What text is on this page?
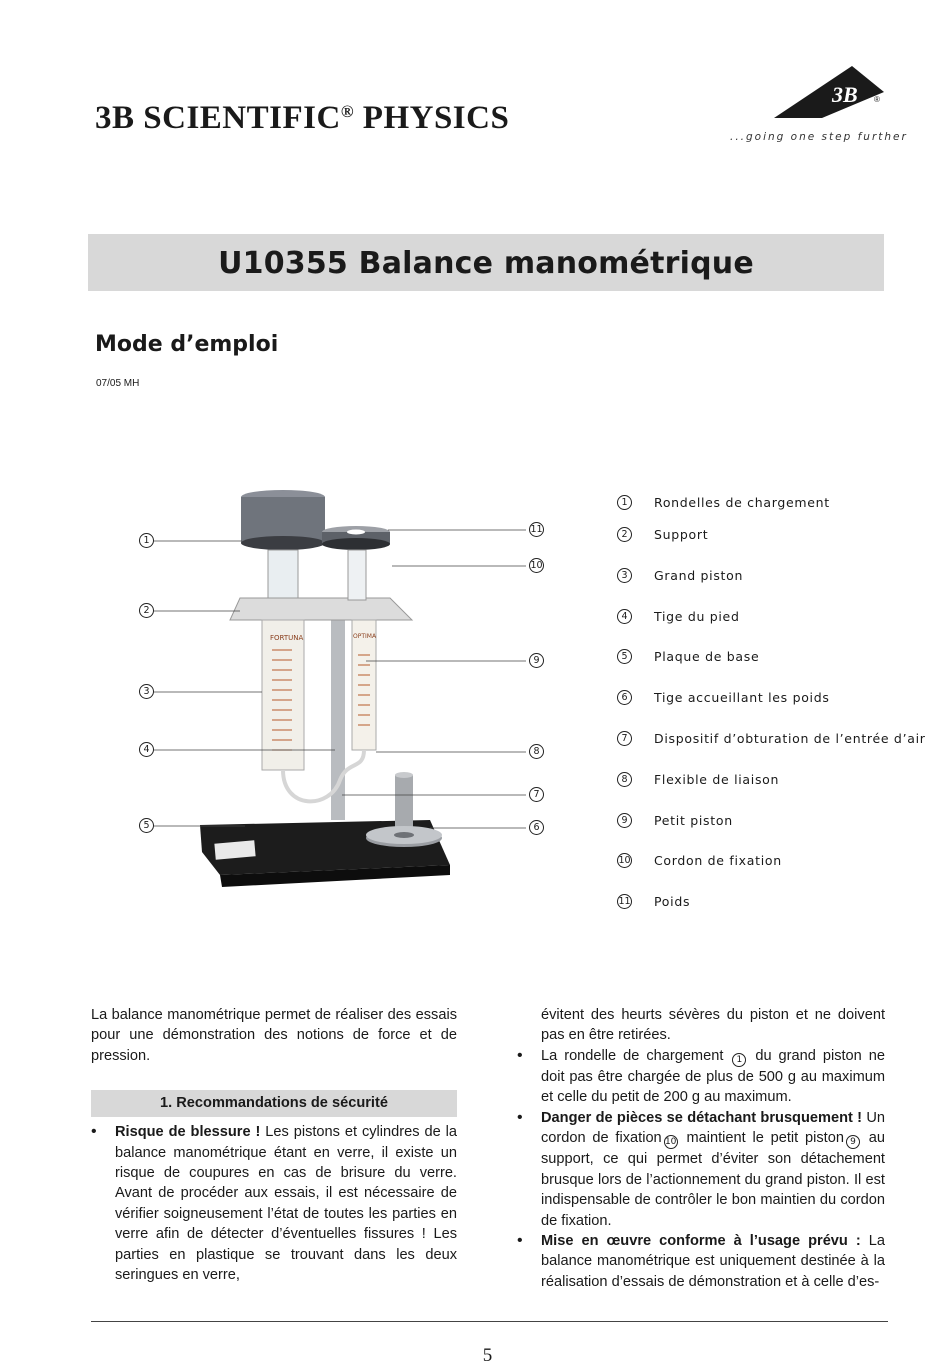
3B SCIENTIFIC® PHYSICS
3B ®
...going one step further
U10355 Balance manométrique
Mode d’emploi
07/05 MH
FORTUNA	OPTIMA
1
2
3
4
5
11
10
9
8
7
6
1	Rondelles de chargement
2	Support
3	Grand piston
4	Tige du pied
5	Plaque de base
6	Tige accueillant les poids
7	Dispositif d’obturation de l’entrée d’air
8	Flexible de liaison
9	Petit piston
10 Cordon de fixation
11 Poids

La balance manométrique permet de réaliser des essais pour une démonstration des notions de force et de pression.

1. Recommandations de sécurité
• Risque de blessure ! Les pistons et cylindres de la balance manométrique étant en verre, il existe un risque de coupures en cas de brisure du verre. Avant de procéder aux essais, il est nécessaire de vérifier soigneusement l’état de toutes les parties en verre afin de détecter d’éventuelles fissures ! Les parties en plastique se trouvant dans les deux seringues en verre,

évitent des heurts sévères du piston et ne doivent pas en être retirées.

• La rondelle de chargement 1 du grand piston ne doit pas être chargée de plus de 500 g au maximum et celle du petit de 200 g au maximum.
• Danger de pièces se détachant brusquement ! Un cordon de fixation 10 maintient le petit piston 9 au support, ce qui permet d’éviter son détachement brusque lors de l’actionnement du grand piston. Il est indispensable de contrôler le bon maintien du cordon de fixation.
• Mise en œuvre conforme à l’usage prévu : La balance manométrique est uniquement destinée à la réalisation d’essais de démonstration et à celle d’es-
5
